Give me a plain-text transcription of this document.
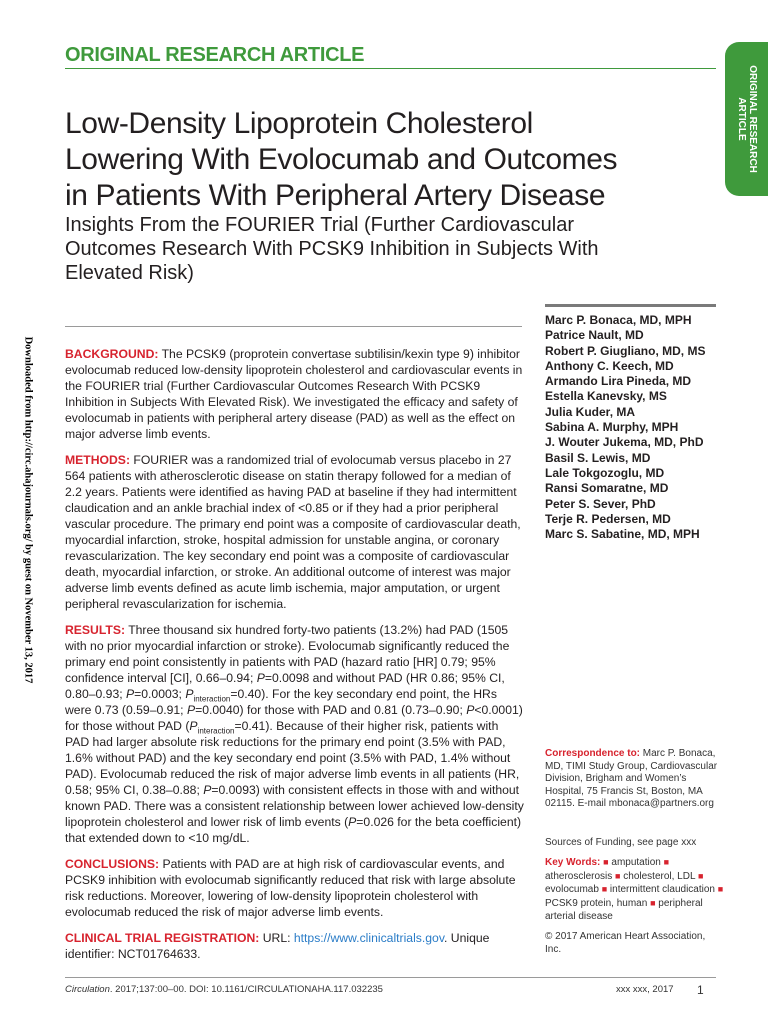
ORIGINAL RESEARCH ARTICLE
ORIGINAL RESEARCH
ARTICLE
Downloaded from http://circ.ahajournals.org/ by guest on November 13, 2017
Low-Density Lipoprotein Cholesterol
Lowering With Evolocumab and Outcomes
in Patients With Peripheral Artery Disease
Insights From the FOURIER Trial (Further Cardiovascular
Outcomes Research With PCSK9 Inhibition in Subjects With
Elevated Risk)

BACKGROUND: The PCSK9 (proprotein convertase subtilisin/kexin type 9) inhibitor evolocumab reduced low-density lipoprotein cholesterol and cardiovascular events in the FOURIER trial (Further Cardiovascular Outcomes Research With PCSK9 Inhibition in Subjects With Elevated Risk). We investigated the efficacy and safety of evolocumab in patients with peripheral artery disease (PAD) as well as the effect on major adverse limb events.

METHODS: FOURIER was a randomized trial of evolocumab versus placebo in 27 564 patients with atherosclerotic disease on statin therapy followed for a median of 2.2 years. Patients were identified as having PAD at baseline if they had intermittent claudication and an ankle brachial index of <0.85 or if they had a prior peripheral vascular procedure. The primary end point was a composite of cardiovascular death, myocardial infarction, stroke, hospital admission for unstable angina, or coronary revascularization. The key secondary end point was a composite of cardiovascular death, myocardial infarction, or stroke. An additional outcome of interest was major adverse limb events defined as acute limb ischemia, major amputation, or urgent peripheral revascularization for ischemia.

RESULTS: Three thousand six hundred forty-two patients (13.2%) had PAD (1505 with no prior myocardial infarction or stroke). Evolocumab significantly reduced the primary end point consistently in patients with PAD (hazard ratio [HR] 0.79; 95% confidence interval [CI], 0.66–0.94; P=0.0098 and without PAD (HR 0.86; 95% CI, 0.80–0.93; P=0.0003; $P_{interaction}=0.40$). For the key secondary end point, the HRs were 0.73 (0.59–0.91; P=0.0040) for those with PAD and 0.81 (0.73–0.90; P<0.0001) for those without PAD $(P_{interaction}=0.41)$. Because of their higher risk, patients with PAD had larger absolute risk reductions for the primary end point (3.5% with PAD, 1.6% without PAD) and the key secondary end point (3.5% with PAD, 1.4% without PAD). Evolocumab reduced the risk of major adverse limb events in all patients (HR, 0.58; 95% CI, 0.38–0.88; P=0.0093) with consistent effects in those with and without known PAD. There was a consistent relationship between lower achieved low-density lipoprotein cholesterol and lower risk of limb events (P=0.026 for the beta coefficient) that extended down to <10 mg/dL.

CONCLUSIONS: Patients with PAD are at high risk of cardiovascular events, and PCSK9 inhibition with evolocumab significantly reduced that risk with large absolute risk reductions. Moreover, lowering of low-density lipoprotein cholesterol with evolocumab reduced the risk of major adverse limb events.

CLINICAL TRIAL REGISTRATION: URL: https://www.clinicaltrials.gov. Unique identifier: NCT01764633.

Marc P. Bonaca, MD, MPH
Patrice Nault, MD
Robert P. Giugliano, MD, MS
Anthony C. Keech, MD
Armando Lira Pineda, MD
Estella Kanevsky, MS
Julia Kuder, MA
Sabina A. Murphy, MPH
J. Wouter Jukema, MD, PhD
Basil S. Lewis, MD
Lale Tokgozoglu, MD
Ransi Somaratne, MD
Peter S. Sever, PhD
Terje R. Pedersen, MD
Marc S. Sabatine, MD, MPH
Correspondence to: Marc P. Bonaca, MD, TIMI Study Group, Cardiovascular Division, Brigham and Women’s Hospital, 75 Francis St, Boston, MA 02115. E-mail mbonaca@partners.org
Sources of Funding, see page xxx
Key Words: ■ amputation ■ atherosclerosis ■ cholesterol, LDL ■ evolocumab ■ intermittent claudication ■ PCSK9 protein, human ■ peripheral arterial disease
© 2017 American Heart Association, Inc.
Circulation. 2017;137:00–00. DOI: 10.1161/CIRCULATIONAHA.117.032235	xxx xxx, 2017 1
